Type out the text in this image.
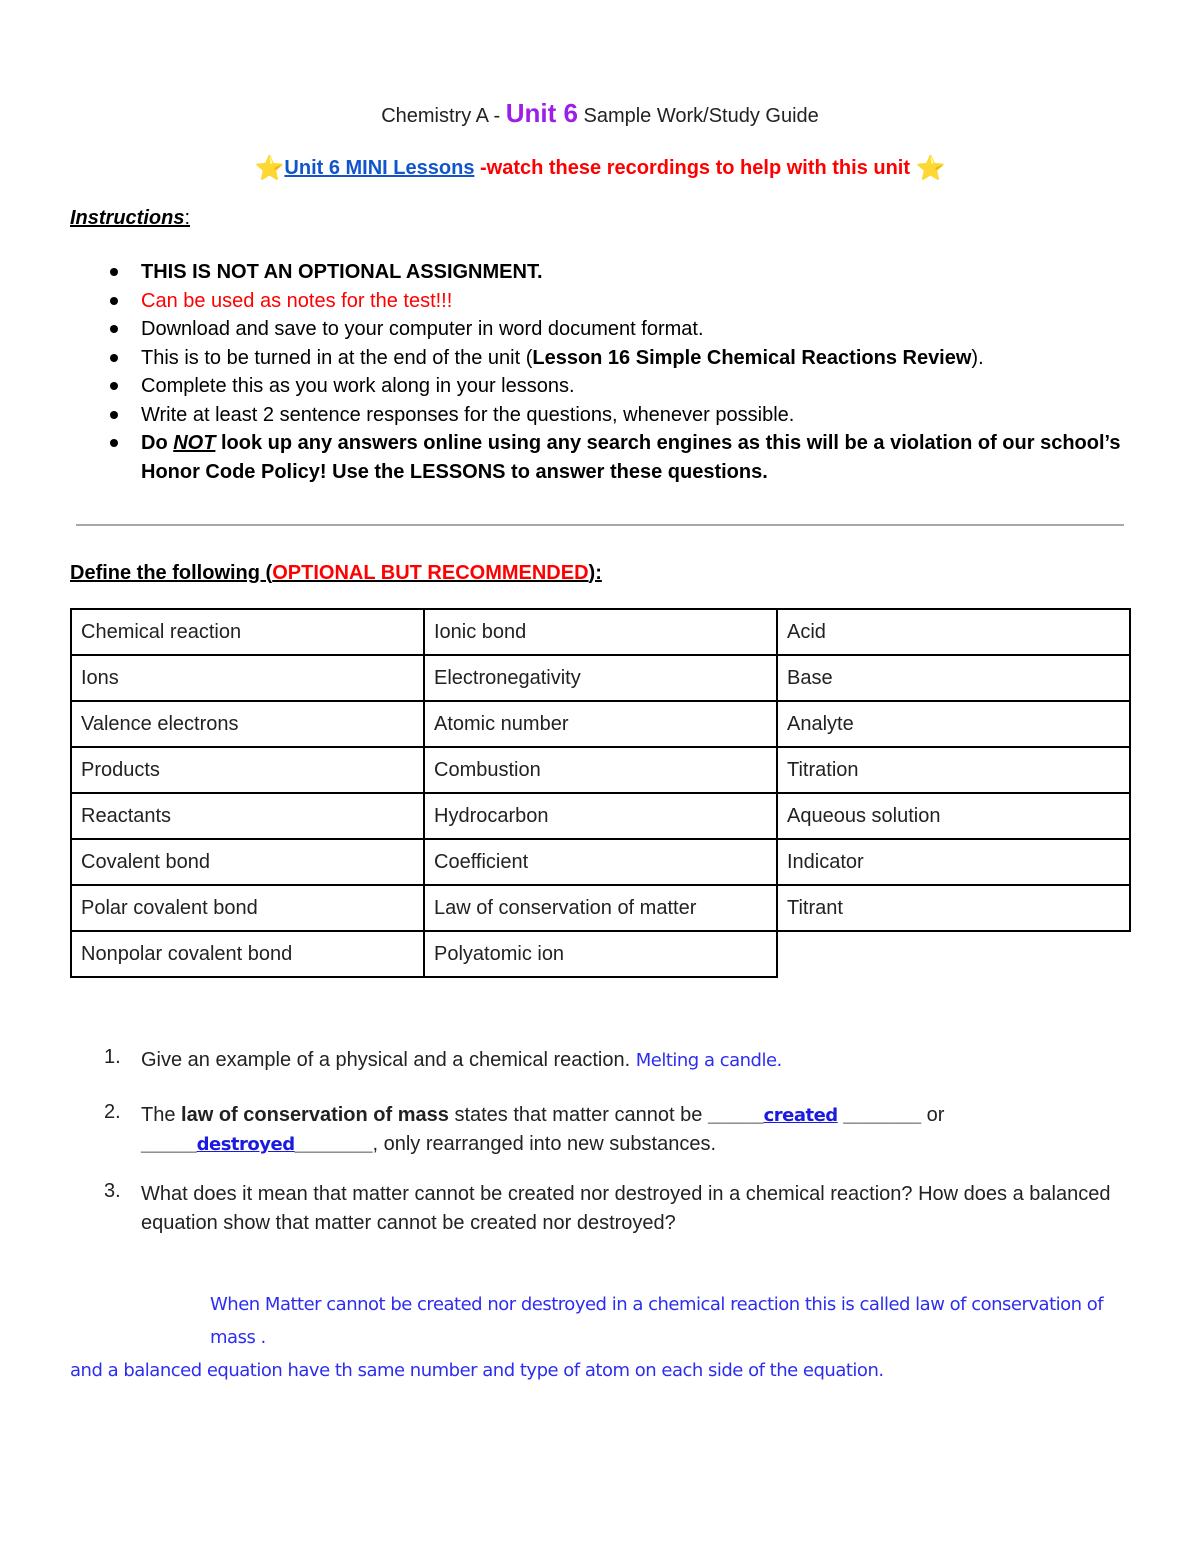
Chemistry A - Unit 6 Sample Work/Study Guide
⭐Unit 6 MINI Lessons -watch these recordings to help with this unit ⭐
Instructions:
THIS IS NOT AN OPTIONAL ASSIGNMENT.
Can be used as notes for the test!!!
Download and save to your computer in word document format.
This is to be turned in at the end of the unit (Lesson 16 Simple Chemical Reactions Review).
Complete this as you work along in your lessons.
Write at least 2 sentence responses for the questions, whenever possible.
Do NOT look up any answers online using any search engines as this will be a violation of our school’s Honor Code Policy! Use the LESSONS to answer these questions.
Define the following (OPTIONAL BUT RECOMMENDED):
Chemical reaction	Ionic bond	Acid
Ions	Electronegativity	Base
Valence electrons	Atomic number	Analyte
Products	Combustion	Titration
Reactants	Hydrocarbon	Aqueous solution
Covalent bond	Coefficient	Indicator
Polar covalent bond	Law of conservation of matter	Titrant
Nonpolar covalent bond	Polyatomic ion	
1. Give an example of a physical and a chemical reaction. Melting a candle.
2. The law of conservation of mass states that matter cannot be _____created _______ or
_____destroyed_______, only rearranged into new substances.
3. What does it mean that matter cannot be created nor destroyed in a chemical reaction? How does a balanced equation show that matter cannot be created nor destroyed?
When Matter cannot be created nor destroyed in a chemical reaction this is called law of conservation of mass .
and a balanced equation have th same number and type of atom on each side of the equation.
